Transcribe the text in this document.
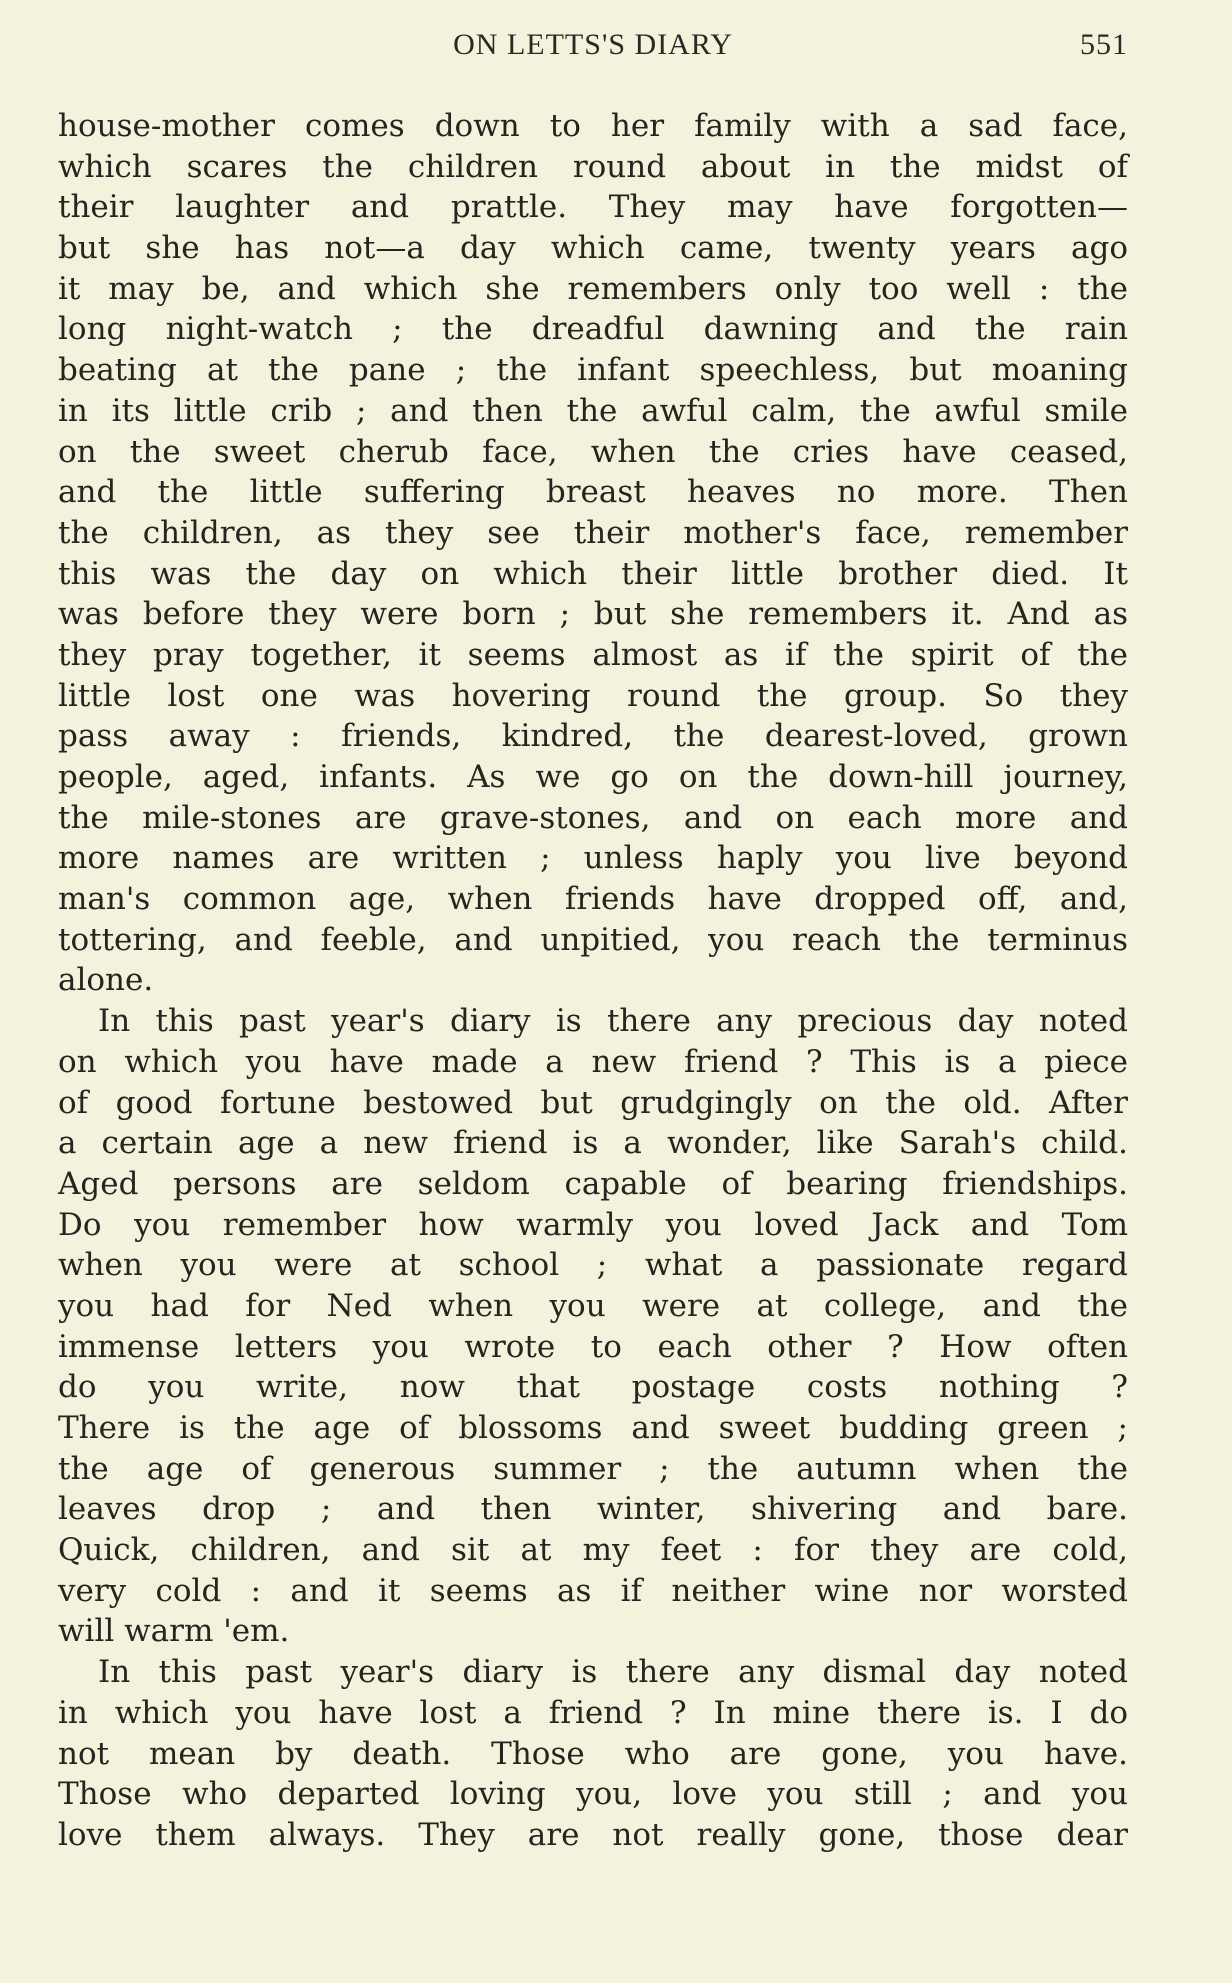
ON LETTS'S DIARY	551
house-mother comes down to her family with a sad face,
which scares the children round about in the midst of
their laughter and prattle. They may have forgotten—
but she has not—a day which came, twenty years ago
it may be, and which she remembers only too well : the
long night-watch ; the dreadful dawning and the rain
beating at the pane ; the infant speechless, but moaning
in its little crib ; and then the awful calm, the awful smile
on the sweet cherub face, when the cries have ceased,
and the little suffering breast heaves no more. Then
the children, as they see their mother's face, remember
this was the day on which their little brother died. It
was before they were born ; but she remembers it. And as
they pray together, it seems almost as if the spirit of the
little lost one was hovering round the group. So they
pass away : friends, kindred, the dearest-loved, grown
people, aged, infants. As we go on the down-hill journey,
the mile-stones are grave-stones, and on each more and
more names are written ; unless haply you live beyond
man's common age, when friends have dropped off, and,
tottering, and feeble, and unpitied, you reach the terminus
alone.
In this past year's diary is there any precious day noted
on which you have made a new friend ? This is a piece
of good fortune bestowed but grudgingly on the old. After
a certain age a new friend is a wonder, like Sarah's child.
Aged persons are seldom capable of bearing friendships.
Do you remember how warmly you loved Jack and Tom
when you were at school ; what a passionate regard
you had for Ned when you were at college, and the
immense letters you wrote to each other ? How often
do you write, now that postage costs nothing ?
There is the age of blossoms and sweet budding green ;
the age of generous summer ; the autumn when the
leaves drop ; and then winter, shivering and bare.
Quick, children, and sit at my feet : for they are cold,
very cold : and it seems as if neither wine nor worsted
will warm 'em.
In this past year's diary is there any dismal day noted
in which you have lost a friend ? In mine there is. I do
not mean by death. Those who are gone, you have.
Those who departed loving you, love you still ; and you
love them always. They are not really gone, those dear
